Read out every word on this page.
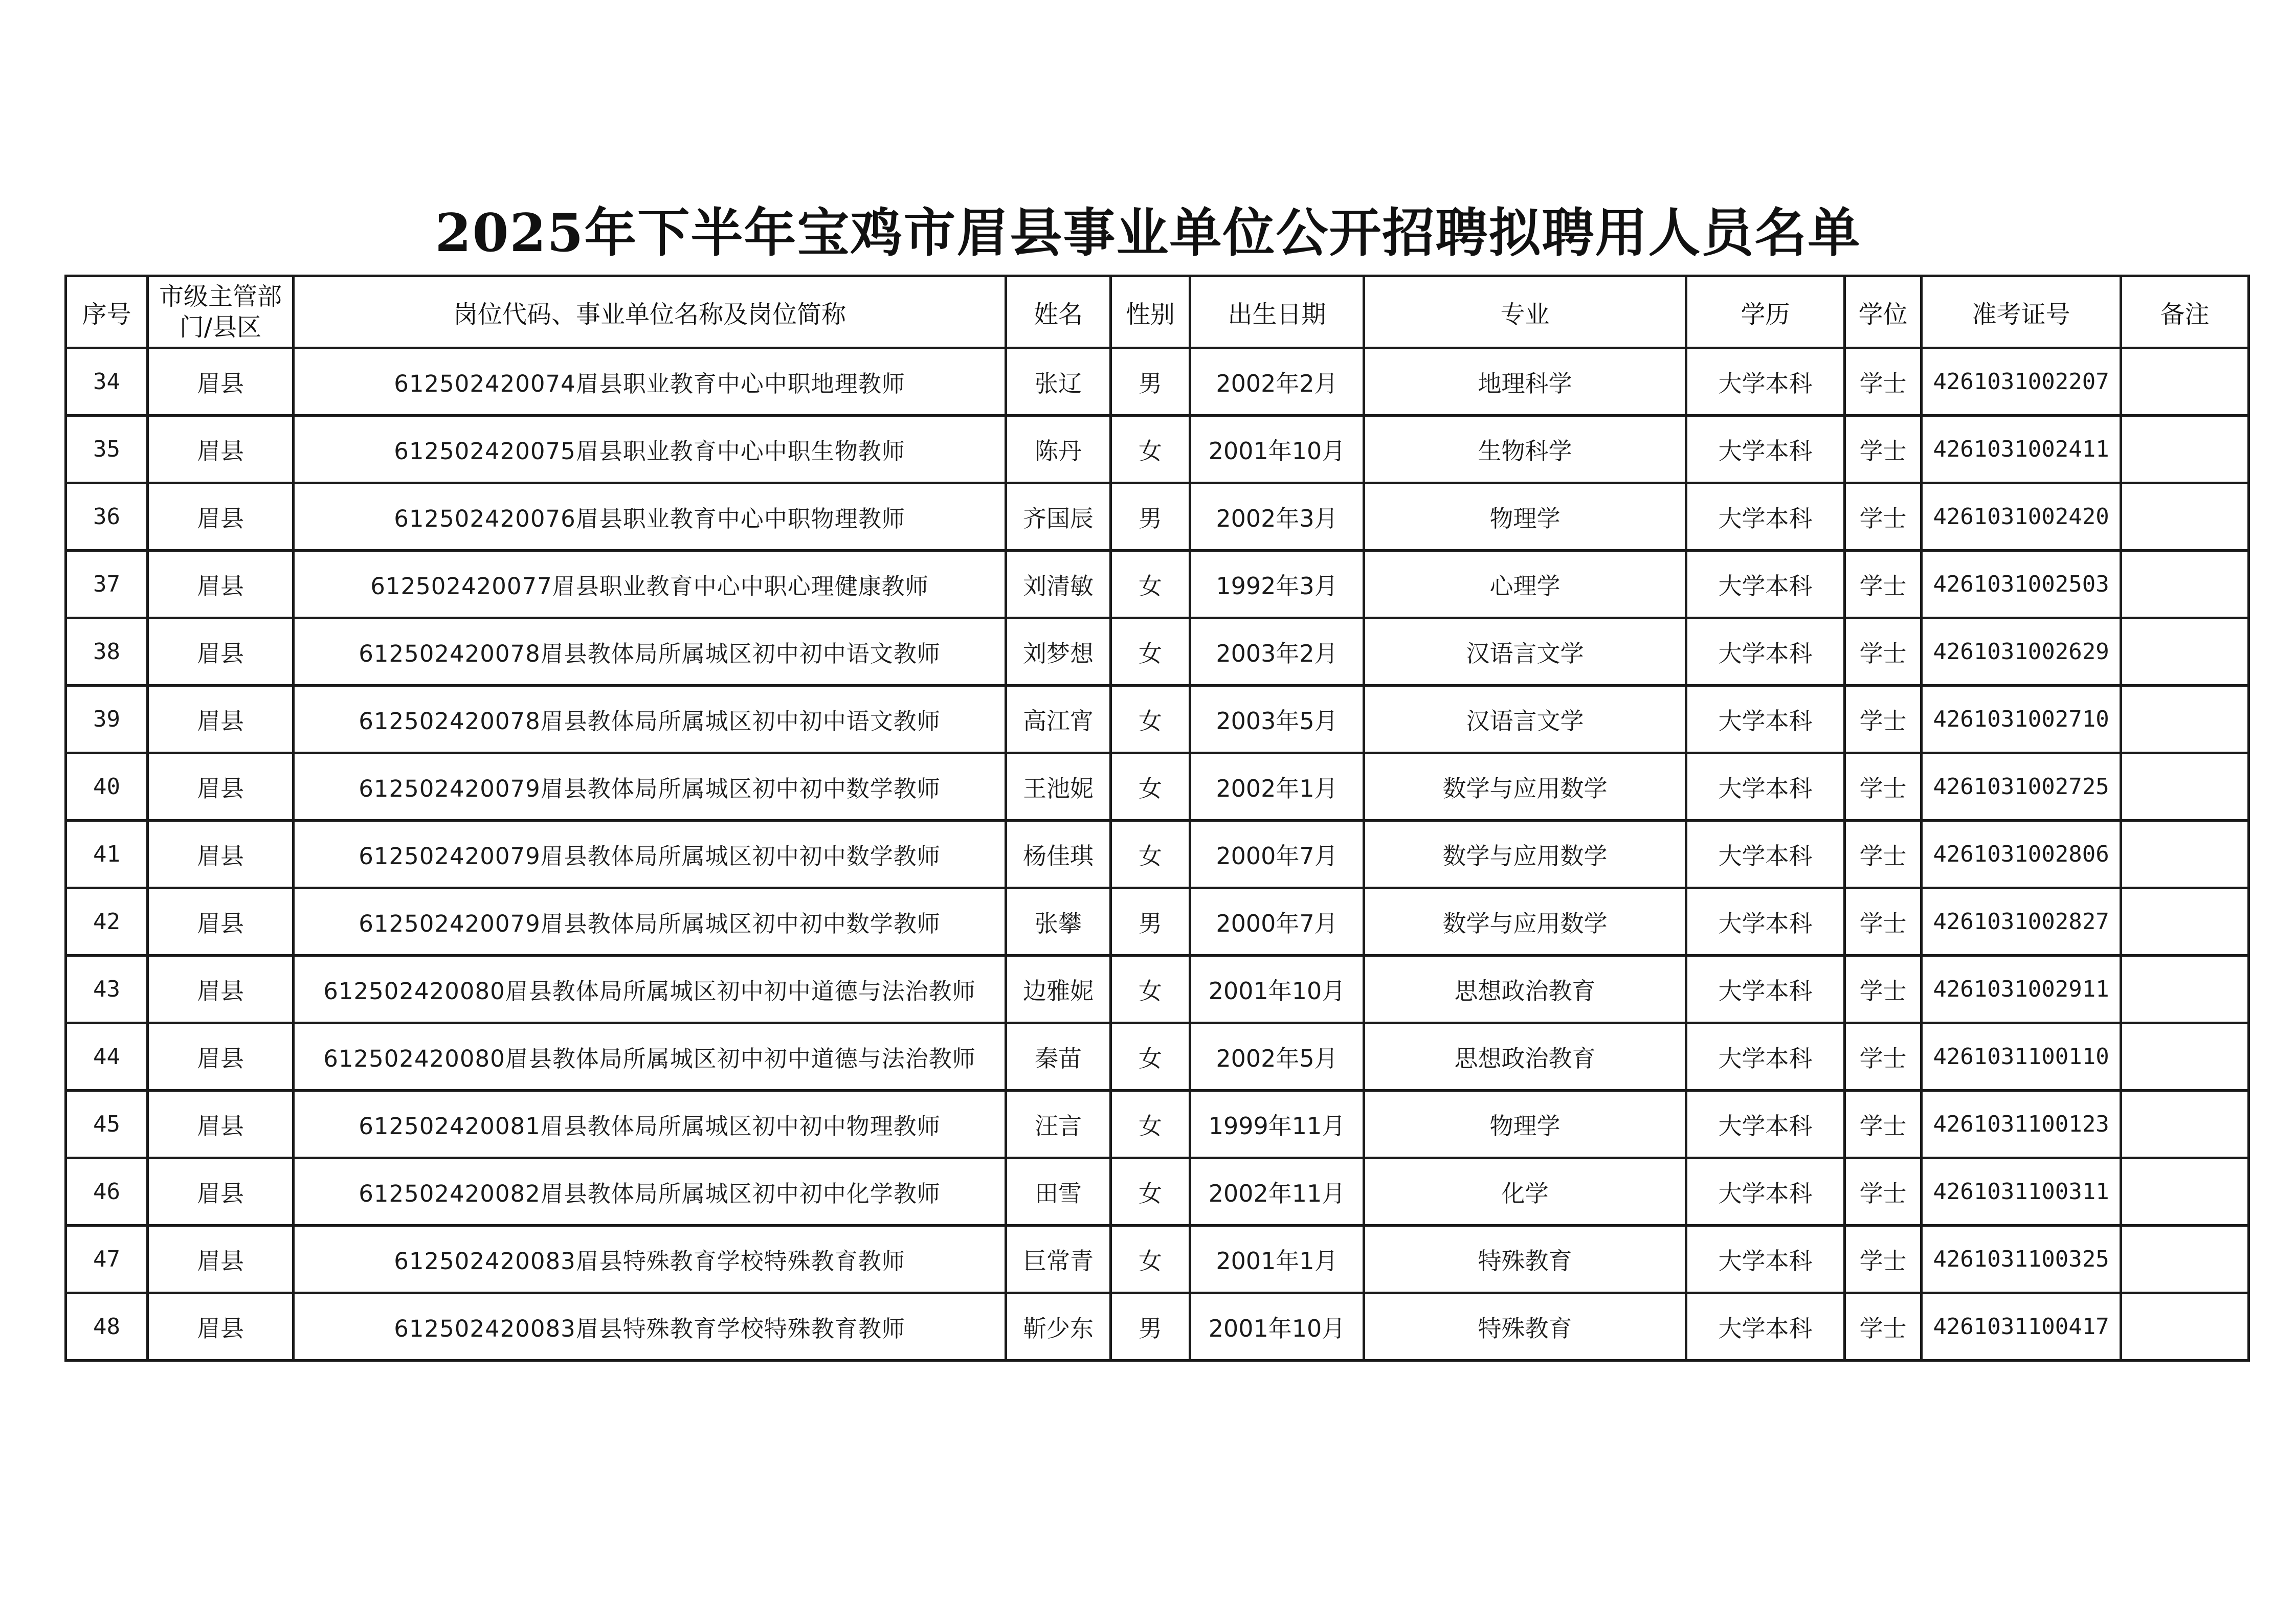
2025年下半年宝鸡市眉县事业单位公开招聘拟聘用人员名单
序号	市级主管部门/县区	岗位代码、事业单位名称及岗位简称	姓名	性别	出生日期	专业	学历	学位	准考证号	备注
34	眉县	612502420074眉县职业教育中心中职地理教师	张辽	男	2002年2月	地理科学	大学本科	学士	4261031002207	
35	眉县	612502420075眉县职业教育中心中职生物教师	陈丹	女	2001年10月	生物科学	大学本科	学士	4261031002411	
36	眉县	612502420076眉县职业教育中心中职物理教师	齐国辰	男	2002年3月	物理学	大学本科	学士	4261031002420	
37	眉县	612502420077眉县职业教育中心中职心理健康教师	刘清敏	女	1992年3月	心理学	大学本科	学士	4261031002503	
38	眉县	612502420078眉县教体局所属城区初中初中语文教师	刘梦想	女	2003年2月	汉语言文学	大学本科	学士	4261031002629	
39	眉县	612502420078眉县教体局所属城区初中初中语文教师	高江宵	女	2003年5月	汉语言文学	大学本科	学士	4261031002710	
40	眉县	612502420079眉县教体局所属城区初中初中数学教师	王池妮	女	2002年1月	数学与应用数学	大学本科	学士	4261031002725	
41	眉县	612502420079眉县教体局所属城区初中初中数学教师	杨佳琪	女	2000年7月	数学与应用数学	大学本科	学士	4261031002806	
42	眉县	612502420079眉县教体局所属城区初中初中数学教师	张攀	男	2000年7月	数学与应用数学	大学本科	学士	4261031002827	
43	眉县	612502420080眉县教体局所属城区初中初中道德与法治教师	边雅妮	女	2001年10月	思想政治教育	大学本科	学士	4261031002911	
44	眉县	612502420080眉县教体局所属城区初中初中道德与法治教师	秦苗	女	2002年5月	思想政治教育	大学本科	学士	4261031100110	
45	眉县	612502420081眉县教体局所属城区初中初中物理教师	汪言	女	1999年11月	物理学	大学本科	学士	4261031100123	
46	眉县	612502420082眉县教体局所属城区初中初中化学教师	田雪	女	2002年11月	化学	大学本科	学士	4261031100311	
47	眉县	612502420083眉县特殊教育学校特殊教育教师	巨常青	女	2001年1月	特殊教育	大学本科	学士	4261031100325	
48	眉县	612502420083眉县特殊教育学校特殊教育教师	靳少东	男	2001年10月	特殊教育	大学本科	学士	4261031100417	
